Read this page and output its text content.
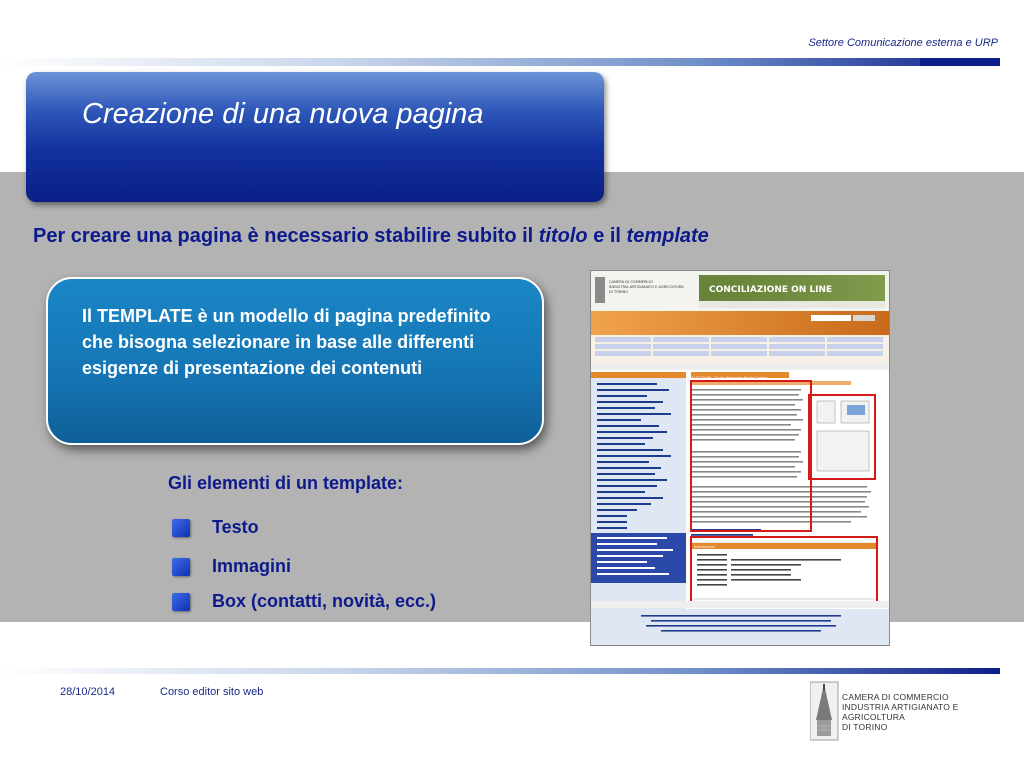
Settore Comunicazione esterna e URP
Creazione di una nuova pagina
Per creare una pagina è necessario stabilire subito il titolo e il template
Il TEMPLATE è un modello di pagina predefinito che bisogna selezionare in base alle differenti esigenze di presentazione dei contenuti
Gli elementi di un template:
Testo
Immagini
Box (contatti, novità, ecc.)
CAMERA DI COMMERCIO
INDUSTRIA ARTIGIANATO E AGRICOLTURA
DI TORINO	CONCILIAZIONE ON LINE
01/02/2006 - Torino Piemonte Media Center
Informazioni
28/10/2014	Corso editor sito web	CAMERA DI COMMERCIO
INDUSTRIA ARTIGIANATO E AGRICOLTURA
DI TORINO
